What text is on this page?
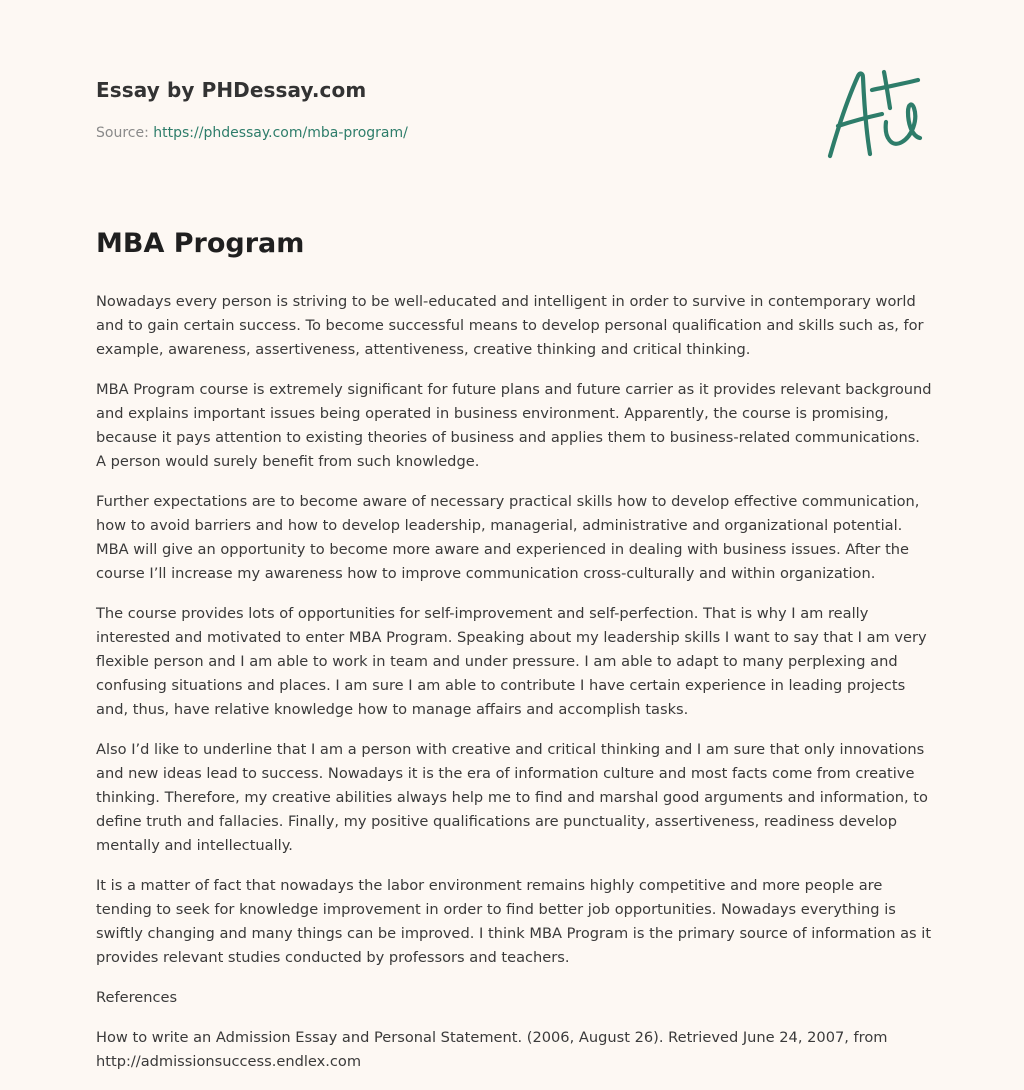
Essay by PHDessay.com

Source: https://phdessay.com/mba-program/

MBA Program

Nowadays every person is striving to be well-educated and intelligent in order to survive in contemporary world and to gain certain success. To become successful means to develop personal qualification and skills such as, for example, awareness, assertiveness, attentiveness, creative thinking and critical thinking.

MBA Program course is extremely significant for future plans and future carrier as it provides relevant background and explains important issues being operated in business environment. Apparently, the course is promising, because it pays attention to existing theories of business and applies them to business-related communications. A person would surely benefit from such knowledge.

Further expectations are to become aware of necessary practical skills how to develop effective communication, how to avoid barriers and how to develop leadership, managerial, administrative and organizational potential. MBA will give an opportunity to become more aware and experienced in dealing with business issues. After the course I’ll increase my awareness how to improve communication cross-culturally and within organization.

The course provides lots of opportunities for self-improvement and self-perfection. That is why I am really interested and motivated to enter MBA Program. Speaking about my leadership skills I want to say that I am very flexible person and I am able to work in team and under pressure. I am able to adapt to many perplexing and confusing situations and places. I am sure I am able to contribute I have certain experience in leading projects and, thus, have relative knowledge how to manage affairs and accomplish tasks.

Also I’d like to underline that I am a person with creative and critical thinking and I am sure that only innovations and new ideas lead to success. Nowadays it is the era of information culture and most facts come from creative thinking. Therefore, my creative abilities always help me to find and marshal good arguments and information, to define truth and fallacies. Finally, my positive qualifications are punctuality, assertiveness, readiness develop mentally and intellectually.

It is a matter of fact that nowadays the labor environment remains highly competitive and more people are tending to seek for knowledge improvement in order to find better job opportunities. Nowadays everything is swiftly changing and many things can be improved. I think MBA Program is the primary source of information as it provides relevant studies conducted by professors and teachers.

References

How to write an Admission Essay and Personal Statement. (2006, August 26). Retrieved June 24, 2007, from http://admissionsuccess.endlex.com
